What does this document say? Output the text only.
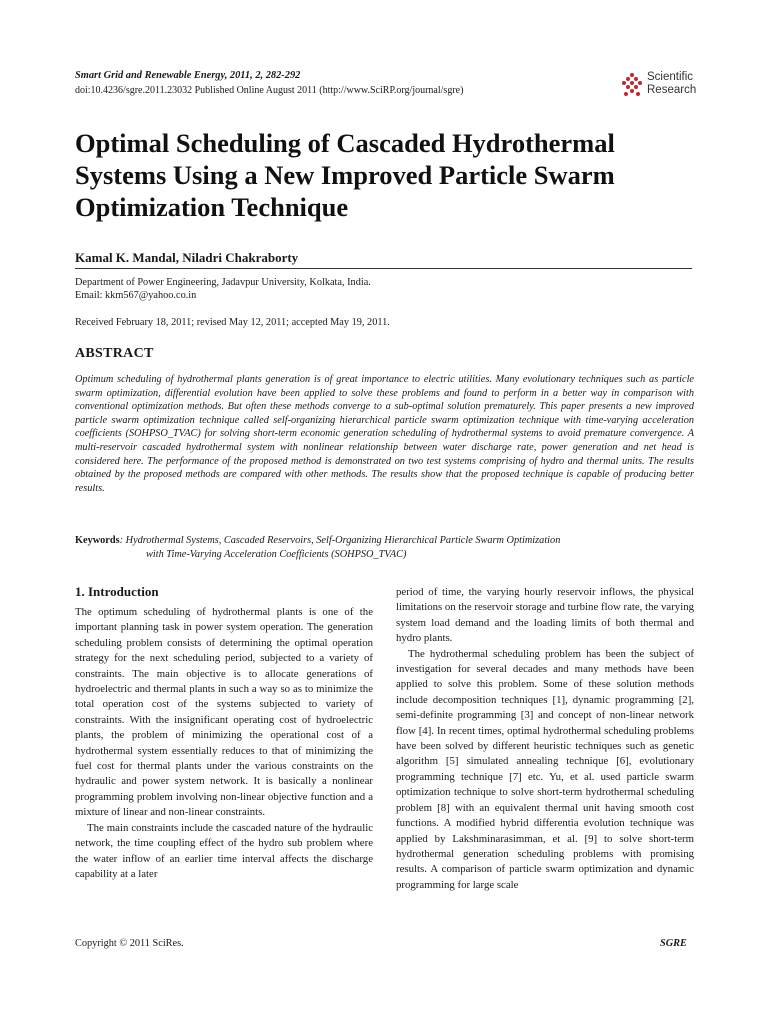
Smart Grid and Renewable Energy, 2011, 2, 282-292
doi:10.4236/sgre.2011.23032 Published Online August 2011 (http://www.SciRP.org/journal/sgre)
Scientific
Research
Optimal Scheduling of Cascaded Hydrothermal Systems Using a New Improved Particle Swarm Optimization Technique
Kamal K. Mandal, Niladri Chakraborty
Department of Power Engineering, Jadavpur University, Kolkata, India.
Email: kkm567@yahoo.co.in
Received February 18, 2011; revised May 12, 2011; accepted May 19, 2011.
ABSTRACT
Optimum scheduling of hydrothermal plants generation is of great importance to electric utilities. Many evolutionary techniques such as particle swarm optimization, differential evolution have been applied to solve these problems and found to perform in a better way in comparison with conventional optimization methods. But often these methods converge to a sub-optimal solution prematurely. This paper presents a new improved particle swarm optimization technique called self-organizing hierarchical particle swarm optimization technique with time-varying acceleration coefficients (SOHPSO_TVAC) for solving short-term economic generation scheduling of hydrothermal systems to avoid premature convergence. A multi-reservoir cascaded hydrothermal system with nonlinear relationship between water discharge rate, power generation and net head is considered here. The performance of the proposed method is demonstrated on two test systems comprising of hydro and thermal units. The results obtained by the proposed methods are compared with other methods. The results show that the proposed technique is capable of producing better results.
Keywords: Hydrothermal Systems, Cascaded Reservoirs, Self-Organizing Hierarchical Particle Swarm Optimization
with Time-Varying Acceleration Coefficients (SOHPSO_TVAC)
1. Introduction

The optimum scheduling of hydrothermal plants is one of the important planning task in power system operation. The generation scheduling problem consists of determining the optimal operation strategy for the next scheduling period, subjected to a variety of constraints. The main objective is to allocate generations of hydroelectric and thermal plants in such a way so as to minimize the total operation cost of the systems subjected to variety of constraints. With the insignificant operating cost of hydroelectric plants, the problem of minimizing the operational cost of a hydrothermal system essentially reduces to that of minimizing the fuel cost for thermal plants under the various constraints on the hydraulic and power system network. It is basically a nonlinear programming problem involving non-linear objective function and a mixture of linear and non-linear constraints.

The main constraints include the cascaded nature of the hydraulic network, the time coupling effect of the hydro sub problem where the water inflow of an earlier time interval affects the discharge capability at a later

period of time, the varying hourly reservoir inflows, the physical limitations on the reservoir storage and turbine flow rate, the varying system load demand and the loading limits of both thermal and hydro plants.

The hydrothermal scheduling problem has been the subject of investigation for several decades and many methods have been applied to solve this problem. Some of these solution methods include decomposition techniques [1], dynamic programming [2], semi-definite programming [3] and concept of non-linear network flow [4]. In recent times, optimal hydrothermal scheduling problems have been solved by different heuristic techniques such as genetic algorithm [5] simulated annealing technique [6], evolutionary programming technique [7] etc. Yu, et al. used particle swarm optimization technique to solve short-term hydrothermal scheduling problem [8] with an equivalent thermal unit having smooth cost functions. A modified hybrid differentia evolution technique was applied by Lakshminarasimman, et al. [9] to solve short-term hydrothermal generation scheduling problems with promising results. A comparison of particle swarm optimization and dynamic programming for large scale

Copyright © 2011 SciRes.	SGRE
